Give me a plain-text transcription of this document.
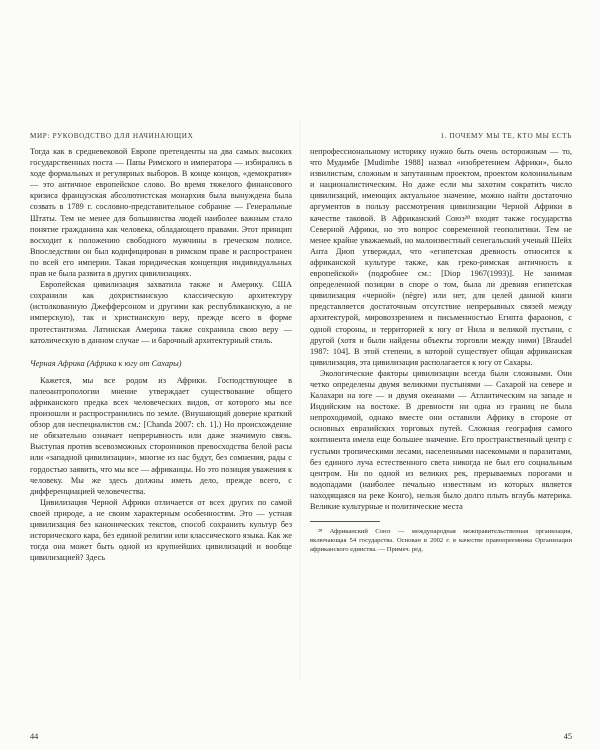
МИР: РУКОВОДСТВО ДЛЯ НАЧИНАЮЩИХ

Тогда как в средневековой Европе претенденты на два самых высоких государственных поста — Папы Римского и императора — избирались в ходе формальных и регулярных выборов. В конце концов, «демократия» — это античное европейское слово. Во время тяжелого финансового кризиса французская абсолютистская монархия была вынуждена была созвать в 1789 г. сословно-представительное собрание — Генеральные Штаты. Тем не менее для большинства людей наиболее важным стало понятие гражданина как человека, обладающего правами. Этот принцип восходит к положению свободного мужчины в греческом полисе. Впоследствии он был кодифицирован в римском праве и распространен по всей его империи. Такая юридическая концепция индивидуальных прав не была развита в других цивилизациях.

Европейская цивилизация захватила также и Америку. США сохранили как дохристианскую классическую архитектуру (истолкованную Джефферсоном и другими как республиканскую, а не имперскую), так и христианскую веру, прежде всего в форме протестантизма. Латинская Америка также сохранила свою веру — католическую в данном случае — и барочный архитектурный стиль.

Черная Африка (Африка к югу от Сахары)

Кажется, мы все родом из Африки. Господствующее в палеоантропологии мнение утверждает существование общего африканского предка всех человеческих видов, от которого мы все произошли и распространились по земле. (Внушающий доверие краткий обзор для неспециалистов см.: [Chanda 2007: ch. 1].) Но происхождение не обязательно означает непрерывность или даже значимую связь. Выступая против всевозможных сторонников превосходства белой расы или «западной цивилизации», многие из нас будут, без сомнения, рады с гордостью заявить, что мы все — африканцы. Но это позиция уважения к человеку. Мы же здесь должны иметь дело, прежде всего, с дифференциацией человечества.

Цивилизация Черной Африки отличается от всех других по самой своей природе, а не своим характерным особенностям. Это — устная цивилизация без канонических текстов, способ сохранить культур без исторического кара, без единой религии или классического языка. Как же тогда она может быть одной из крупнейших цивилизаций и вообще цивилизацией? Здесь

44
1. ПОЧЕМУ МЫ ТЕ, КТО МЫ ЕСТЬ

непрофессиональному историку нужно быть очень осторожным — то, что Мудимбе [Mudimbe 1988] назвал «изобретением Африки», было извилистым, сложным и запутанным проектом, проектом колониальным и националистическим. Но даже если мы захотим сократить число цивилизаций, имеющих актуальное значение, можно найти достаточно аргументов в пользу рассмотрения цивилизации Черной Африки в качестве таковой. В Африканский Союз²⁸ входят также государства Северной Африки, но это вопрос современной геополитики. Тем не менее крайне уважаемый, но малоизвестный сенегальский ученый Шейх Анта Диоп утверждал, что «египетская древность относится к африканской культуре также, как греко-римская античность к европейской» (подробнее см.: [Diop 1967(1993)]. Не занимая определенной позиции в споре о том, была ли древняя египетская цивилизация «черной» (nègre) или нет, для целей данной книги представляется достаточным отсутствие непрерывных связей между архитектурой, мировоззрением и письменностью Египта фараонов, с одной стороны, и территорией к югу от Нила и великой пустыни, с другой (хотя и были найдены объекты торговли между ними) [Braudel 1987: 104]. В этой степени, в которой существует общая африканская цивилизация, эта цивилизация располагается к югу от Сахары.

Экологические факторы цивилизации всегда были сложными. Они четко определены двумя великими пустынями — Сахарой на севере и Калахари на юге — и двумя океанами — Атлантическим на западе и Индийским на востоке. В древности ни одна из границ не была непроходимой, однако вместе они оставили Африку в стороне от основных евразийских торговых путей. Сложная география самого континента имела еще большее значение. Его пространственный центр с густыми тропическими лесами, населенными насекомыми и паразитами, без единого луча естественного света никогда не был его социальным центром. Ни по одной из великих рек, прерываемых порогами и водопадами (наиболее печально известным из которых является находящаяся на реке Конго), нельзя было долго плыть вглубь материка. Великие культурные и политические места

²⁸ Африканский Союз — международная межправительственная организация, включающая 54 государства. Основан в 2002 г. в качестве правопреемника Организации африканского единства. — Примеч. ред.

45
